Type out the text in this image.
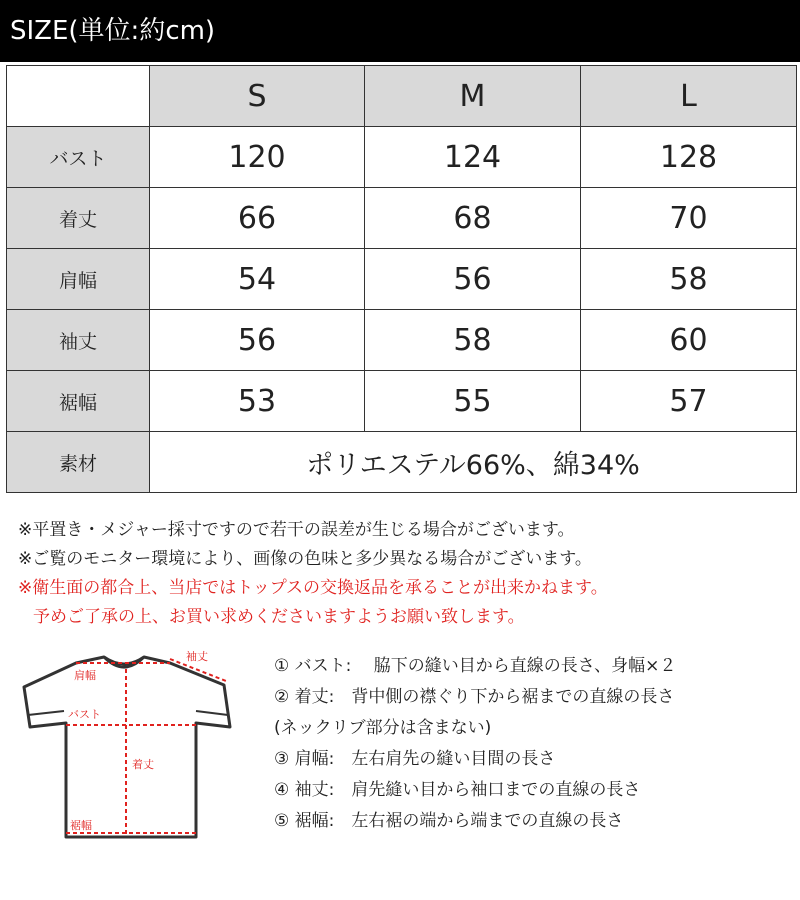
SIZE(単位:約cm)
	S	M	L
バスト	120	124	128
着丈	66	68	70
肩幅	54	56	58
袖丈	56	58	60
裾幅	53	55	57
素材	ポリエステル66%、綿34%		
※平置き・メジャー採寸ですので若干の誤差が生じる場合がございます。
※ご覧のモニター環境により、画像の色味と多少異なる場合がございます。
※衛生面の都合上、当店ではトップスの交換返品を承ることが出来かねます。
予めご了承の上、お買い求めくださいますようお願い致します。
袖丈
肩幅
バスト
着丈
裾幅
① バスト:　 脇下の縫い目から直線の長さ、身幅×２
② 着丈:　背中側の襟ぐり下から裾までの直線の長さ
(ネックリブ部分は含まない)
③ 肩幅:　左右肩先の縫い目間の長さ
④ 袖丈:　肩先縫い目から袖口までの直線の長さ
⑤ 裾幅:　左右裾の端から端までの直線の長さ
